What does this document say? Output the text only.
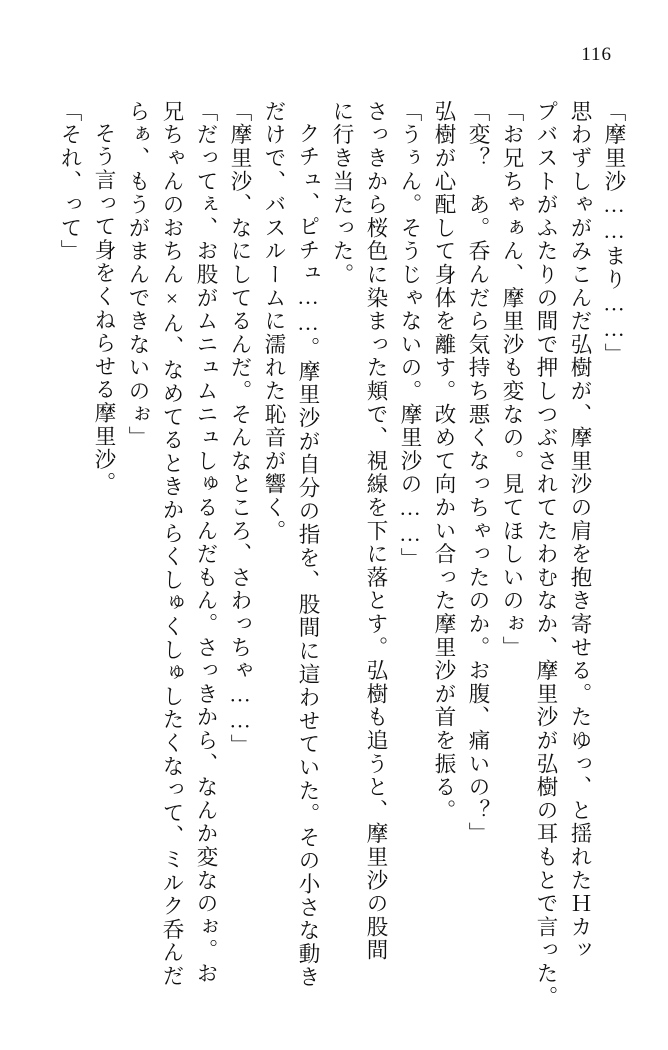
116
「摩里沙……まり……」
思わずしゃがみこんだ弘樹が、摩里沙の肩を抱き寄せる。たゆっ、と揺れたＨカッ
プバストがふたりの間で押しつぶされてたわむなか、摩里沙が弘樹の耳もとで言った。
「お兄ちゃぁん、摩里沙も変なの。見てほしいのぉ」
「変？　あ。呑んだら気持ち悪くなっちゃったのか。お腹、痛いの？」
弘樹が心配して身体を離す。改めて向かい合った摩里沙が首を振る。
「うぅん。そうじゃないの。摩里沙の……」
さっきから桜色に染まった頬で、視線を下に落とす。弘樹も追うと、摩里沙の股間
に行き当たった。
クチュ、ピチュ……。摩里沙が自分の指を、股間に這わせていた。その小さな動き
だけで、バスルームに濡れた恥音が響く。
「摩里沙、なにしてるんだ。そんなところ、さわっちゃ……」
「だってぇ、お股がムニュムニュしゅるんだもん。さっきから、なんか変なのぉ。お
兄ちゃんのおちん×ん、なめてるときからくしゅくしゅしたくなって、ミルク呑んだ
らぁ、もうがまんできないのぉ」
そう言って身をくねらせる摩里沙。
「それ、って」
